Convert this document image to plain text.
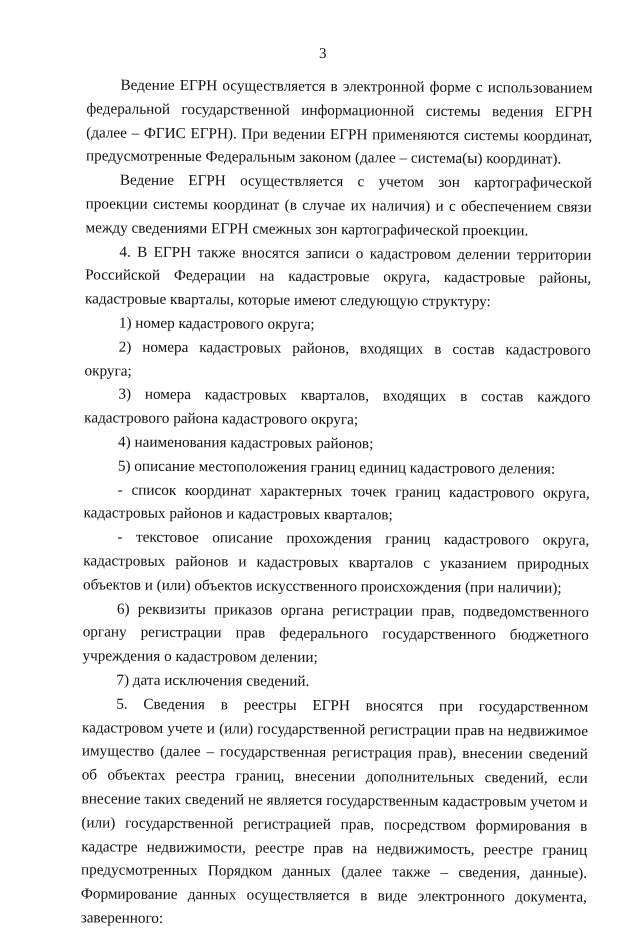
3

Ведение ЕГРН осуществляется в электронной форме с использованием федеральной государственной информационной системы ведения ЕГРН (далее – ФГИС ЕГРН). При ведении ЕГРН применяются системы координат, предусмотренные Федеральным законом (далее – система(ы) координат).

Ведение ЕГРН осуществляется с учетом зон картографической проекции системы координат (в случае их наличия) и с обеспечением связи между сведениями ЕГРН смежных зон картографической проекции.

4. В ЕГРН также вносятся записи о кадастровом делении территории Российской Федерации на кадастровые округа, кадастровые районы, кадастровые кварталы, которые имеют следующую структуру:

1) номер кадастрового округа;

2) номера кадастровых районов, входящих в состав кадастрового округа;

3) номера кадастровых кварталов, входящих в состав каждого кадастрового района кадастрового округа;

4) наименования кадастровых районов;

5) описание местоположения границ единиц кадастрового деления:

- список координат характерных точек границ кадастрового округа, кадастровых районов и кадастровых кварталов;

- текстовое описание прохождения границ кадастрового округа, кадастровых районов и кадастровых кварталов с указанием природных объектов и (или) объектов искусственного происхождения (при наличии);

6) реквизиты приказов органа регистрации прав, подведомственного органу регистрации прав федерального государственного бюджетного учреждения о кадастровом делении;

7) дата исключения сведений.

5. Сведения в реестры ЕГРН вносятся при государственном кадастровом учете и (или) государственной регистрации прав на недвижимое имущество (далее – государственная регистрация прав), внесении сведений об объектах реестра границ, внесении дополнительных сведений, если внесение таких сведений не является государственным кадастровым учетом и (или) государственной регистрацией прав, посредством формирования в кадастре недвижимости, реестре прав на недвижимость, реестре границ предусмотренных Порядком данных (далее также – сведения, данные). Формирование данных осуществляется в виде электронного документа, заверенного:
